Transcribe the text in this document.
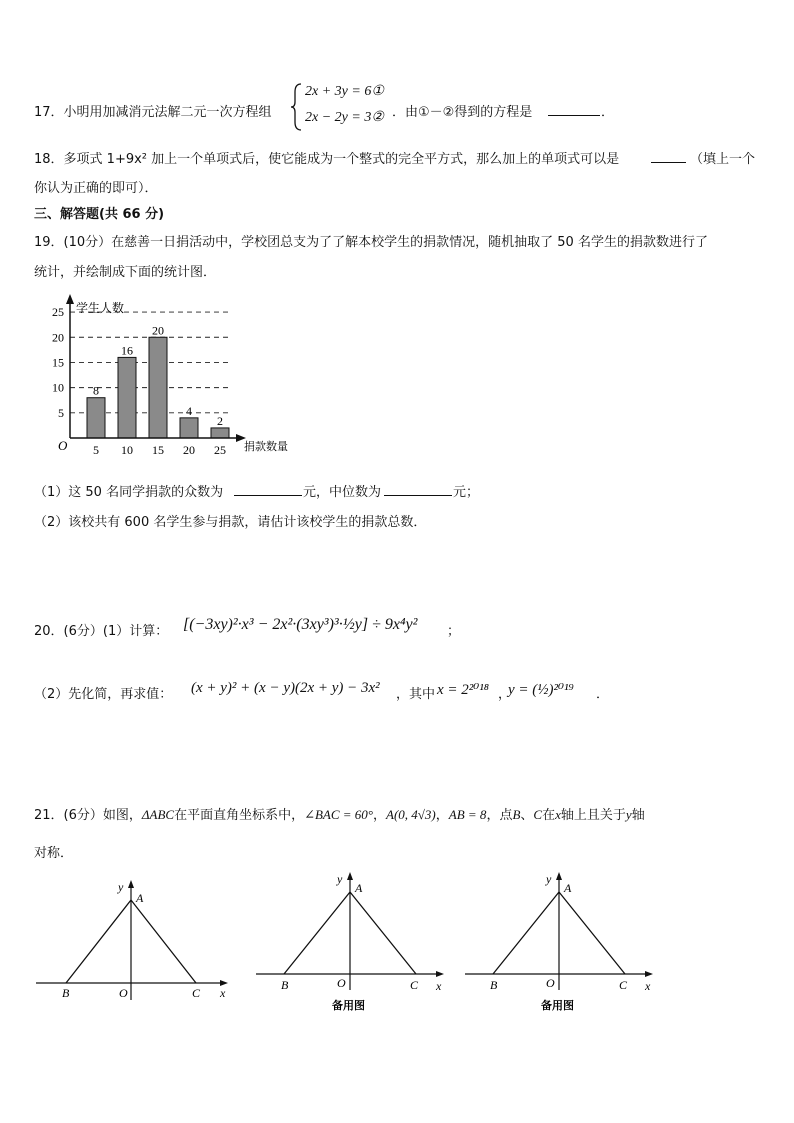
17．小明用加减消元法解二元一次方程组
2x + 3y = 6①
2x − 2y = 3② ．由①－②得到的方程是	．
18．多项式 1+9x² 加上一个单项式后，使它能成为一个整式的完全平方式，那么加上的单项式可以是	（填上一个
你认为正确的即可）．
三、解答题(共 66 分)
19．(10分）在慈善一日捐活动中，学校团总支为了了解本校学生的捐款情况，随机抽取了 50 名学生的捐款数进行了
统计，并绘制成下面的统计图．
学生人数
捐款数量
O
5
10
15
20
25
8
5
16
10
20
15
4
20
2
25
（1）这 50 名同学捐款的众数为	元，中位数为	元；
（2）该校共有 600 名学生参与捐款，请估计该校学生的捐款总数．
20．(6分）(1）计算： [(−3xy)²·x³ − 2x²·(3xy³)³·½y] ÷ 9x⁴y² ；
（2）先化简，再求值： (x + y)² + (x − y)(2x + y) − 3x² ，其中 x = 2²⁰¹⁸ ，
y = (½)²⁰¹⁹ ．
21．(6分）如图，ΔABC在平面直角坐标系中，∠BAC = 60°，A(0, 4√3)，AB = 8，点B、C在x轴上且关于y轴
对称．
y
A
B	O	C x
y
A
B	O	C x
备用图
y
A
B	O	C x
备用图
